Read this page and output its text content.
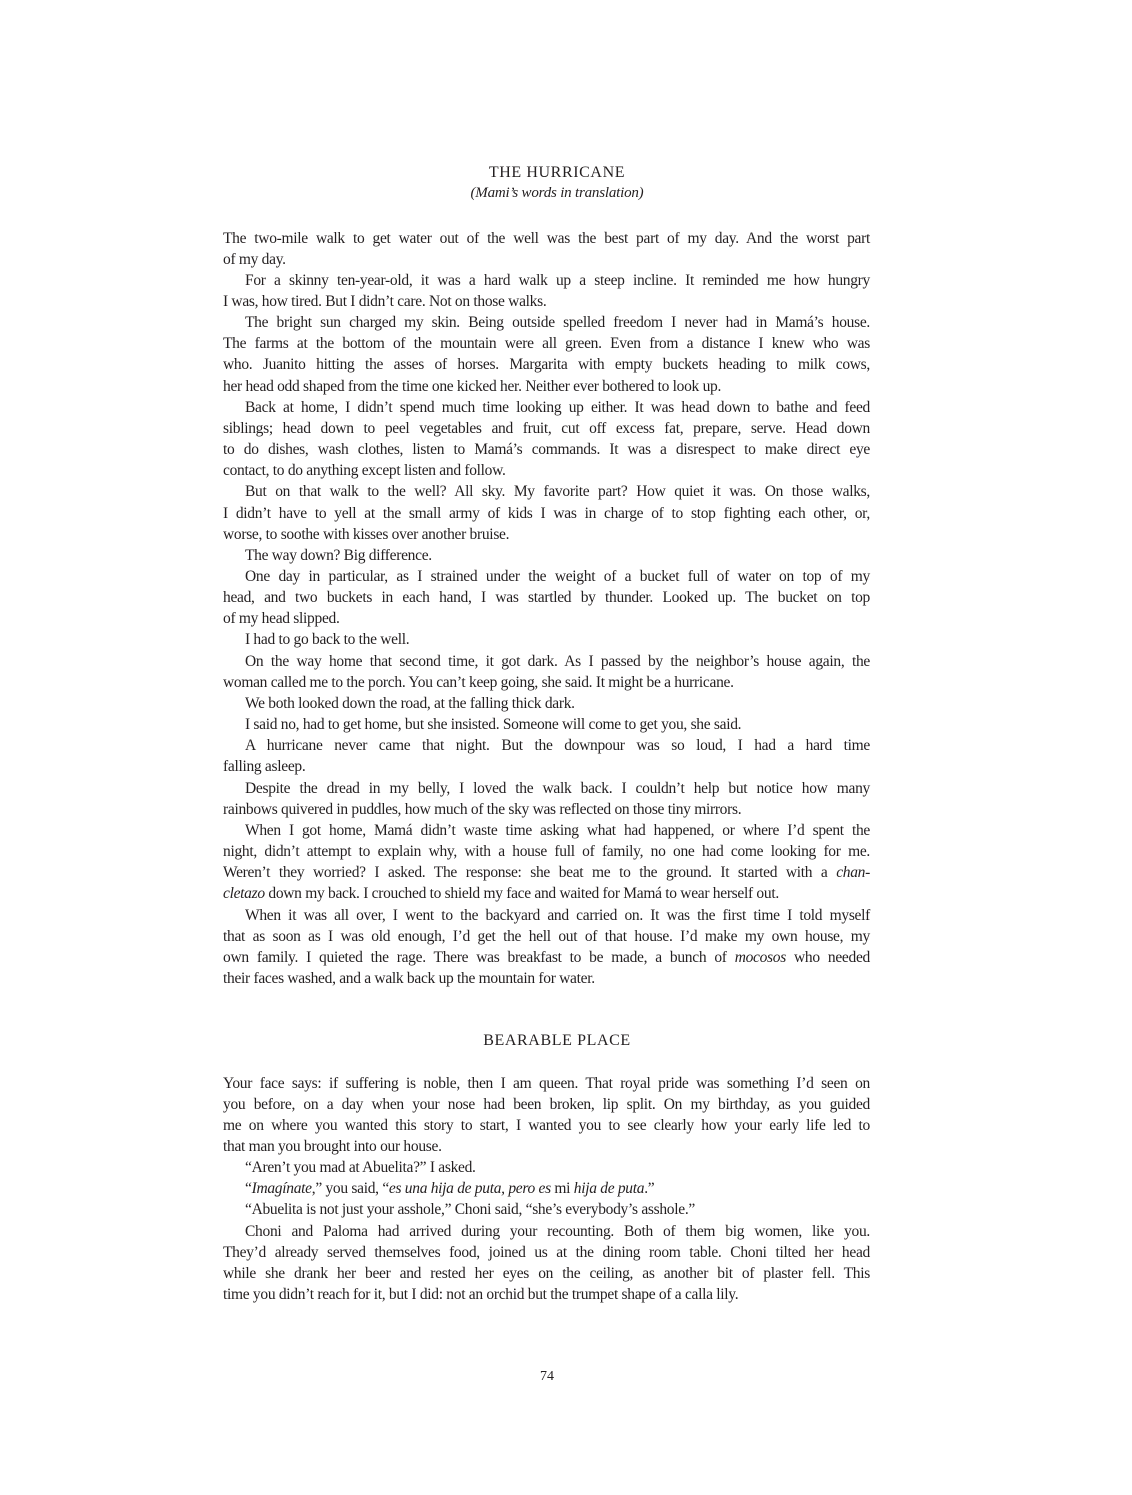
THE HURRICANE
(Mami’s words in translation)
The two-mile walk to get water out of the well was the best part of my day. And the worst part
of my day.
For a skinny ten-year-old, it was a hard walk up a steep incline. It reminded me how hungry
I was, how tired. But I didn’t care. Not on those walks.
The bright sun charged my skin. Being outside spelled freedom I never had in Mamá’s house.
The farms at the bottom of the mountain were all green. Even from a distance I knew who was
who. Juanito hitting the asses of horses. Margarita with empty buckets heading to milk cows,
her head odd shaped from the time one kicked her. Neither ever bothered to look up.
Back at home, I didn’t spend much time looking up either. It was head down to bathe and feed
siblings; head down to peel vegetables and fruit, cut off excess fat, prepare, serve. Head down
to do dishes, wash clothes, listen to Mamá’s commands. It was a disrespect to make direct eye
contact, to do anything except listen and follow.
But on that walk to the well? All sky. My favorite part? How quiet it was. On those walks,
I didn’t have to yell at the small army of kids I was in charge of to stop fighting each other, or,
worse, to soothe with kisses over another bruise.
The way down? Big difference.
One day in particular, as I strained under the weight of a bucket full of water on top of my
head, and two buckets in each hand, I was startled by thunder. Looked up. The bucket on top
of my head slipped.
I had to go back to the well.
On the way home that second time, it got dark. As I passed by the neighbor’s house again, the
woman called me to the porch. You can’t keep going, she said. It might be a hurricane.
We both looked down the road, at the falling thick dark.
I said no, had to get home, but she insisted. Someone will come to get you, she said.
A hurricane never came that night. But the downpour was so loud, I had a hard time
falling asleep.
Despite the dread in my belly, I loved the walk back. I couldn’t help but notice how many
rainbows quivered in puddles, how much of the sky was reflected on those tiny mirrors.
When I got home, Mamá didn’t waste time asking what had happened, or where I’d spent the
night, didn’t attempt to explain why, with a house full of family, no one had come looking for me.
Weren’t they worried? I asked. The response: she beat me to the ground. It started with a chan-
cletazo down my back. I crouched to shield my face and waited for Mamá to wear herself out.
When it was all over, I went to the backyard and carried on. It was the first time I told myself
that as soon as I was old enough, I’d get the hell out of that house. I’d make my own house, my
own family. I quieted the rage. There was breakfast to be made, a bunch of mocosos who needed
their faces washed, and a walk back up the mountain for water.
BEARABLE PLACE
Your face says: if suffering is noble, then I am queen. That royal pride was something I’d seen on
you before, on a day when your nose had been broken, lip split. On my birthday, as you guided
me on where you wanted this story to start, I wanted you to see clearly how your early life led to
that man you brought into our house.
“Aren’t you mad at Abuelita?” I asked.
“Imagínate,” you said, “es una hija de puta, pero es mi hija de puta.”
“Abuelita is not just your asshole,” Choni said, “she’s everybody’s asshole.”
Choni and Paloma had arrived during your recounting. Both of them big women, like you.
They’d already served themselves food, joined us at the dining room table. Choni tilted her head
while she drank her beer and rested her eyes on the ceiling, as another bit of plaster fell. This
time you didn’t reach for it, but I did: not an orchid but the trumpet shape of a calla lily.
74
